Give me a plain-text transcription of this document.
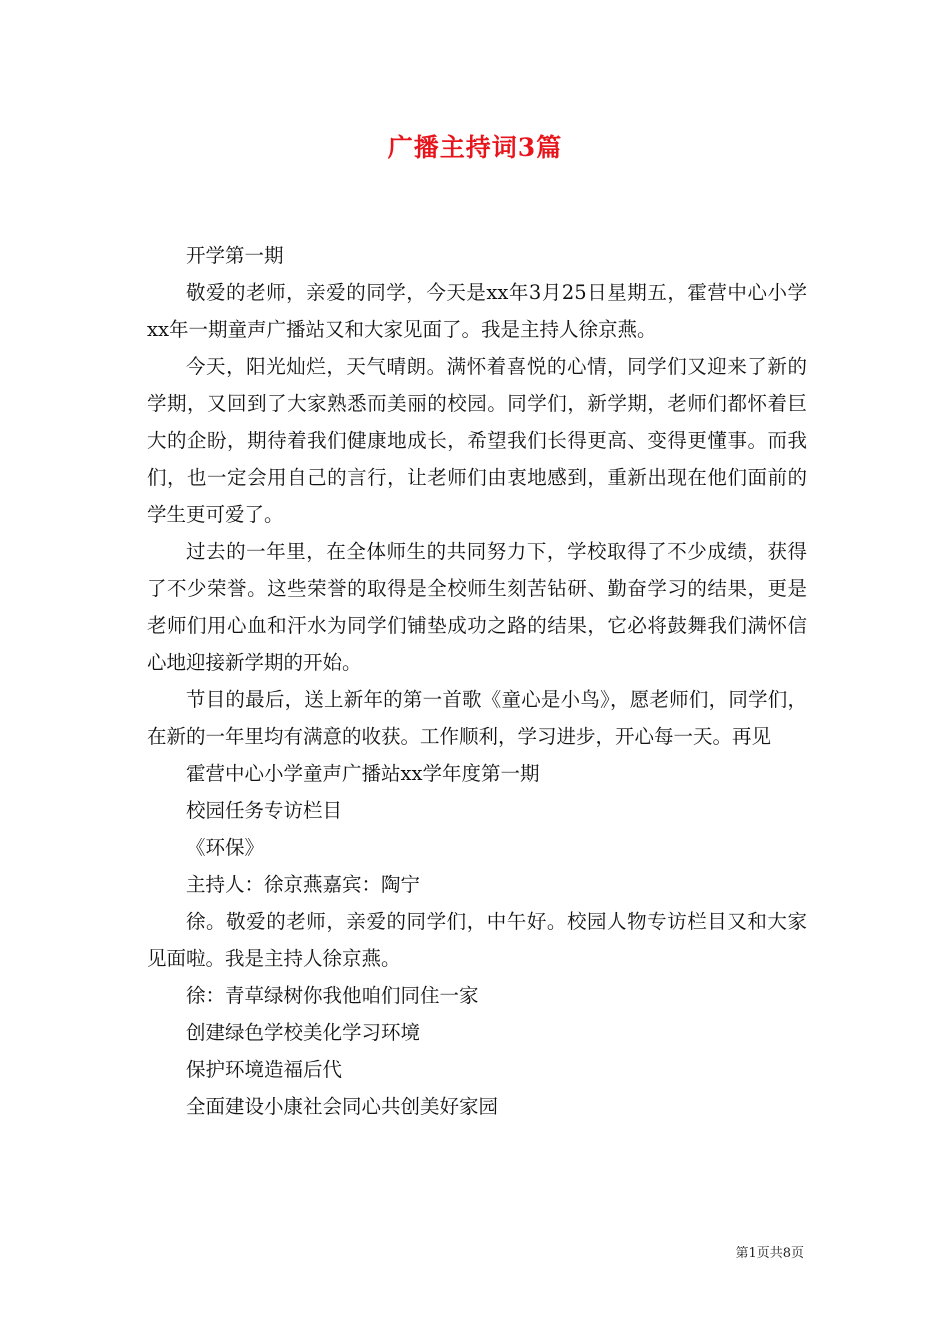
广播主持词3篇

开学第一期

敬爱的老师，亲爱的同学，今天是xx年3月25日星期五，霍营中心小学xx年一期童声广播站又和大家见面了。我是主持人徐京燕。

今天，阳光灿烂，天气晴朗。满怀着喜悦的心情，同学们又迎来了新的学期，又回到了大家熟悉而美丽的校园。同学们，新学期，老师们都怀着巨大的企盼，期待着我们健康地成长，希望我们长得更高、变得更懂事。而我们，也一定会用自己的言行，让老师们由衷地感到，重新出现在他们面前的学生更可爱了。

过去的一年里，在全体师生的共同努力下，学校取得了不少成绩，获得了不少荣誉。这些荣誉的取得是全校师生刻苦钻研、勤奋学习的结果，更是老师们用心血和汗水为同学们铺垫成功之路的结果，它必将鼓舞我们满怀信心地迎接新学期的开始。

节目的最后，送上新年的第一首歌《童心是小鸟》，愿老师们，同学们，在新的一年里均有满意的收获。工作顺利，学习进步，开心每一天。再见

霍营中心小学童声广播站xx学年度第一期

校园任务专访栏目

《环保》

主持人：徐京燕嘉宾：陶宁

徐。敬爱的老师，亲爱的同学们，中午好。校园人物专访栏目又和大家见面啦。我是主持人徐京燕。

徐：青草绿树你我他咱们同住一家

创建绿色学校美化学习环境

保护环境造福后代

全面建设小康社会同心共创美好家园

第1页共8页
